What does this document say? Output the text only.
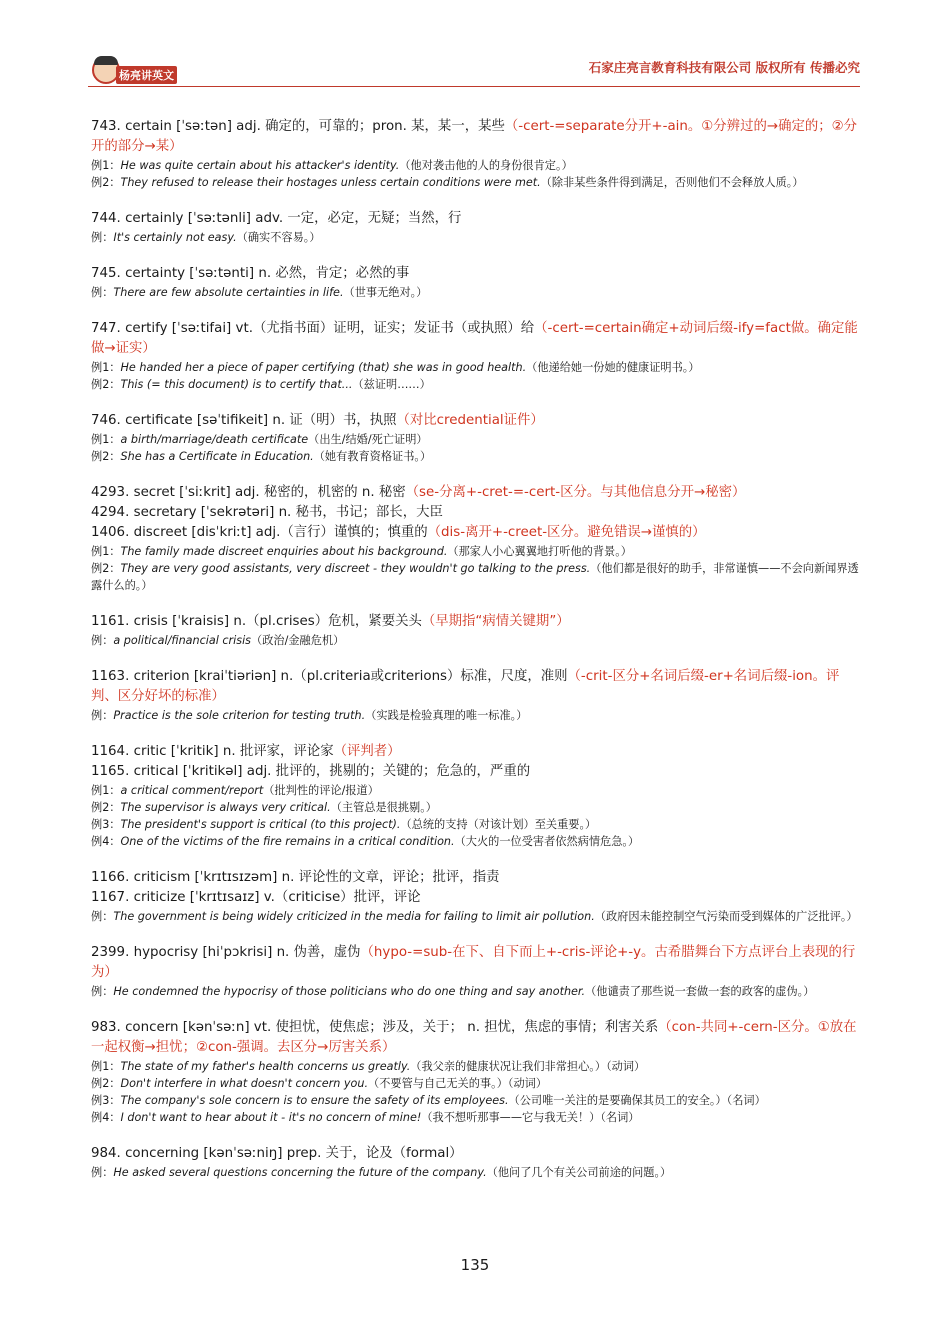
杨亮讲英文
石家庄亮言教育科技有限公司 版权所有 传播必究
743. certain [ˈsəːtən] adj. 确定的，可靠的；pron. 某，某一，某些（-cert-=separate分开+-ain。①分辨过的→确定的；②分开的部分→某）
例1：He was quite certain about his attacker's identity.（他对袭击他的人的身份很肯定。）
例2：They refused to release their hostages unless certain conditions were met.（除非某些条件得到满足，否则他们不会释放人质。）
744. certainly [ˈsəːtənli] adv. 一定，必定，无疑；当然，行
例：It's certainly not easy.（确实不容易。）
745. certainty [ˈsəːtənti] n. 必然，肯定；必然的事
例：There are few absolute certainties in life.（世事无绝对。）
747. certify [ˈsəːtifai] vt.（尤指书面）证明，证实；发证书（或执照）给（-cert-=certain确定+动词后缀-ify=fact做。确定能做→证实）
例1：He handed her a piece of paper certifying (that) she was in good health.（他递给她一份她的健康证明书。）
例2：This (= this document) is to certify that...（兹证明……）
746. certificate [səˈtifikeit] n. 证（明）书，执照（对比credential证件）
例1：a birth/marriage/death certificate（出生/结婚/死亡证明）
例2：She has a Certificate in Education.（她有教育资格证书。）
4293. secret [ˈsiːkrit] adj. 秘密的，机密的 n. 秘密（se-分离+-cret-=-cert-区分。与其他信息分开→秘密）
4294. secretary [ˈsekrətəri] n. 秘书，书记；部长，大臣
1406. discreet [disˈkriːt] adj.（言行）谨慎的；慎重的（dis-离开+-creet-区分。避免错误→谨慎的）
例1：The family made discreet enquiries about his background.（那家人小心翼翼地打听他的背景。）
例2：They are very good assistants, very discreet - they wouldn't go talking to the press.（他们都是很好的助手，非常谨慎——不会向新闻界透露什么的。）
1161. crisis [ˈkraisis] n.（pl.crises）危机，紧要关头（早期指“病情关键期”）
例：a political/financial crisis（政治/金融危机）
1163. criterion [kraiˈtiəriən] n.（pl.criteria或criterions）标准，尺度，准则（-crit-区分+名词后缀-er+名词后缀-ion。评判、区分好坏的标准）
例：Practice is the sole criterion for testing truth.（实践是检验真理的唯一标准。）
1164. critic [ˈkritik] n. 批评家，评论家（评判者）
1165. critical [ˈkritikəl] adj. 批评的，挑剔的；关键的；危急的，严重的
例1：a critical comment/report（批判性的评论/报道）
例2：The supervisor is always very critical.（主管总是很挑剔。）
例3：The president's support is critical (to this project).（总统的支持（对该计划）至关重要。）
例4：One of the victims of the fire remains in a critical condition.（大火的一位受害者依然病情危急。）
1166. criticism [ˈkrɪtɪsɪzəm] n. 评论性的文章，评论；批评，指责
1167. criticize [ˈkrɪtɪsaɪz] v.（criticise）批评，评论
例：The government is being widely criticized in the media for failing to limit air pollution.（政府因未能控制空气污染而受到媒体的广泛批评。）
2399. hypocrisy [hiˈpɔkrisi] n. 伪善，虚伪（hypo-=sub-在下、自下而上+-cris-评论+-y。古希腊舞台下方点评台上表现的行为）
例：He condemned the hypocrisy of those politicians who do one thing and say another.（他谴责了那些说一套做一套的政客的虚伪。）
983. concern [kənˈsəːn] vt. 使担忧，使焦虑；涉及，关于； n. 担忧，焦虑的事情；利害关系（con-共同+-cern-区分。①放在一起权衡→担忧；②con-强调。去区分→厉害关系）
例1：The state of my father's health concerns us greatly.（我父亲的健康状况让我们非常担心。）（动词）
例2：Don't interfere in what doesn't concern you.（不要管与自己无关的事。）（动词）
例3：The company's sole concern is to ensure the safety of its employees.（公司唯一关注的是要确保其员工的安全。）（名词）
例4：I don't want to hear about it - it's no concern of mine!（我不想听那事——它与我无关！）（名词）
984. concerning [kənˈsəːniŋ] prep. 关于，论及（formal）
例：He asked several questions concerning the future of the company.（他问了几个有关公司前途的问题。）
135
